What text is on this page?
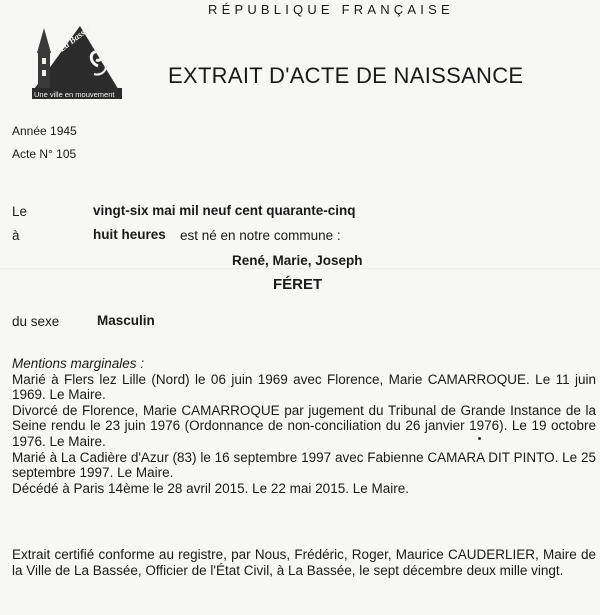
RÉPUBLIQUE FRANÇAISE
La Bassée
Une ville en mouvement
EXTRAIT D'ACTE DE NAISSANCE
Année 1945
Acte N° 105
Le	vingt-six mai mil neuf cent quarante-cinq
à	huit heures est né en notre commune :
René, Marie, Joseph
FÉRET
du sexe	Masculin
Mentions marginales :

Marié à Flers lez Lille (Nord) le 06 juin 1969 avec Florence, Marie CAMARROQUE. Le 11 juin 1969. Le Maire.

Divorcé de Florence, Marie CAMARROQUE par jugement du Tribunal de Grande Instance de la Seine rendu le 23 juin 1976 (Ordonnance de non-conciliation du 26 janvier 1976). Le 19 octobre 1976. Le Maire.

Marié à La Cadière d'Azur (83) le 16 septembre 1997 avec Fabienne CAMARA DIT PINTO. Le 25 septembre 1997. Le Maire.

Décédé à Paris 14ème le 28 avril 2015. Le 22 mai 2015. Le Maire.

Extrait certifié conforme au registre, par Nous, Frédéric, Roger, Maurice CAUDERLIER, Maire de la Ville de La Bassée, Officier de l'État Civil, à La Bassée, le sept décembre deux mille vingt.
